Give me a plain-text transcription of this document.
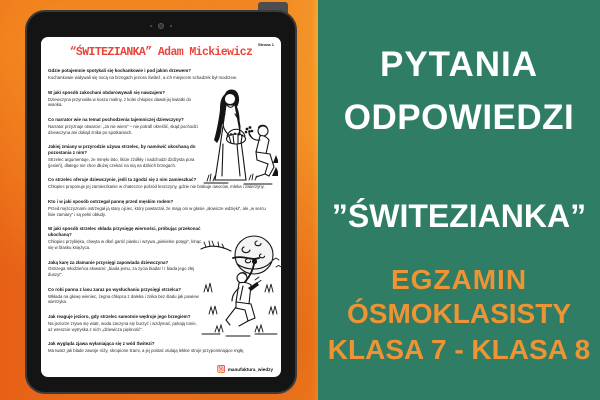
PYTANIA
ODPOWIEDZI
”ŚWITEZIANKA”
EGZAMIN
ÓSMOKLASISTY
KLASA 7 - KLASA 8
Strona 1
“ŚWITEZIANKA” Adam Mickiewicz
Gdzie potajemnie spotykali się kochankowie i pod jakim drzewem?
Kochankowie widywali się nocą na brzegach jeziora Świteź, a ich miejscem schadzek był modrzew.
W jaki sposób zakochani obdarowywali się nawzajem?
Dziewczyna przynosiła w koszu maliny, z kolei chłopiec dawał jej kwiatki do wianka.
Co narrator wie na temat pochodzenia tajemniczej dziewczyny?
Narrator przyznaje otwarcie: „Ja nie wiem” – nie potrafi określić, skąd pochodzi dziewczyna ani dokąd znika po spotkaniach.
Jakiej zmiany w przyrodzie używa strzelec, by namówić ukochaną do pozostania z nim?
Strzelec argumentuje, że minęło lato, liście zżółkły i nadchodzi dżdżysta pora (jesień), dlatego nie chce dłużej czekać na nią na dzikich brzegach.
Co strzelec oferuje dziewczynie, jeśli ta zgodzi się z nim zamieszkać?
Chłopiec proponuje jej zamieszkanie w chateczce pośród leszczyny, gdzie nie brakuje owoców, mleka i zwierzyny.
Kto i w jaki sposób ostrzegał pannę przed męskim rodem?
Przed mężczyznami ostrzegał ją stary ojciec, który powtarzał, że mają oni w głosie „słowicze wdzięki”, ale „w sercu lisie zamiary” i są pełni obłudy.
W jaki sposób strzelec składa przysięgę wierności, próbując przekonać ukochaną?
Chłopiec przyklęka, chwyta w dłoń garść piasku i wzywa „piekielne potęgi”, klnąc się w blasku księżyca.
Jaką karę za złamanie przysięgi zapowiada dziewczyna?
Ostrzega młodzieńca słowami: „biada jemu, za życia biada! / I biada jego złej duszy!”.
Co robi panna z lasu zaraz po wysłuchaniu przysięgi strzelca?
Wkłada na głowę wieniec, żegna chłopca z daleka i znika bez śladu jak powiew wietrzyka.
Jak reaguje jezioro, gdy strzelec samotnie wędruje jego brzegiem?
Na jeziorze zrywa się wiatr, woda zaczyna się burzyć i wzdymać, pękają tonie, aż wreszcie wytryska z nich „dziewicza piękność”.
Jak wygląda zjawa wyłaniająca się z wód Świtezi?
Ma twarz jak blade zawoje róży, skropione łzami, a jej postać otulają lekkie stroje przypominające mgłę,
manufaktura_wiedzy
